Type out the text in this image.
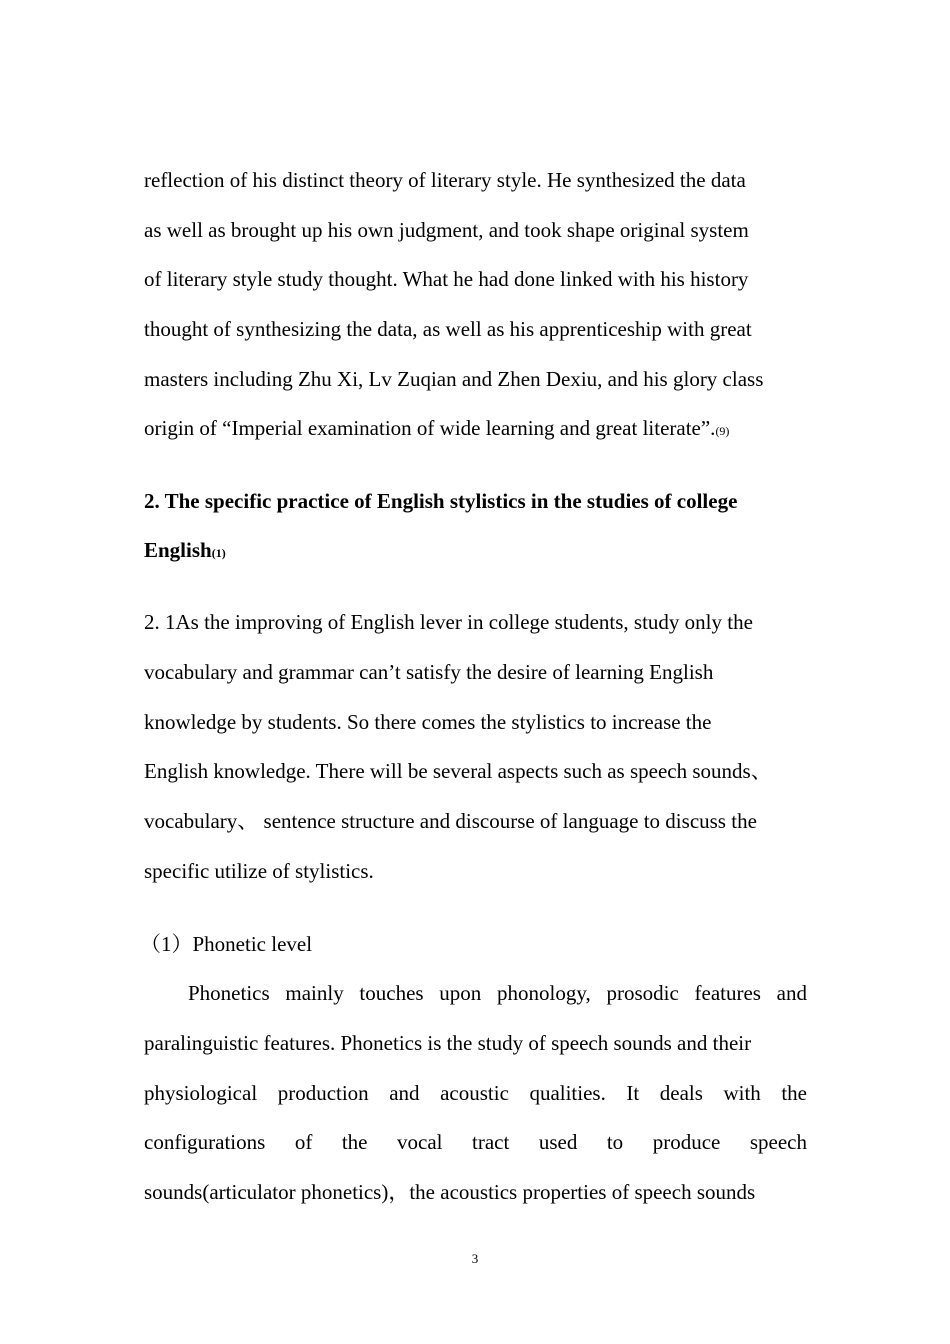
reflection of his distinct theory of literary style. He synthesized the data
as well as brought up his own judgment, and took shape original system
of literary style study thought. What he had done linked with his history
thought of synthesizing the data, as well as his apprenticeship with great
masters including Zhu Xi, Lv Zuqian and Zhen Dexiu, and his glory class
origin of “Imperial examination of wide learning and great literate”.(9)
2. The specific practice of English stylistics in the studies of college
English(1)
2. 1As the improving of English lever in college students, study only the
vocabulary and grammar can’t satisfy the desire of learning English
knowledge by students. So there comes the stylistics to increase the
English knowledge. There will be several aspects such as speech sounds、
vocabulary、 sentence structure and discourse of language to discuss the
specific utilize of stylistics.
（1）Phonetic level
Phonetics mainly touches upon phonology, prosodic features and
paralinguistic features. Phonetics is the study of speech sounds and their
physiological production and acoustic qualities. It deals with the
configurations of the vocal tract used to produce speech
sounds(articulator phonetics)，the acoustics properties of speech sounds
3
